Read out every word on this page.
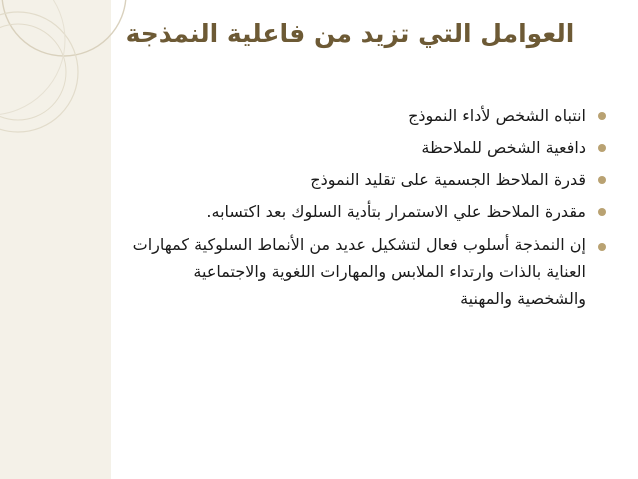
العوامل التي تزيد من فاعلية النمذجة
انتباه الشخص لأداء النموذج
دافعية الشخص للملاحظة
قدرة الملاحظ الجسمية على تقليد النموذج
مقدرة الملاحظ علي الاستمرار بتأدية السلوك بعد اكتسابه.
إن النمذجة أسلوب فعال لتشكيل عديد من الأنماط السلوكية كمهارات العناية بالذات وارتداء الملابس والمهارات اللغوية والاجتماعية والشخصية والمهنية
